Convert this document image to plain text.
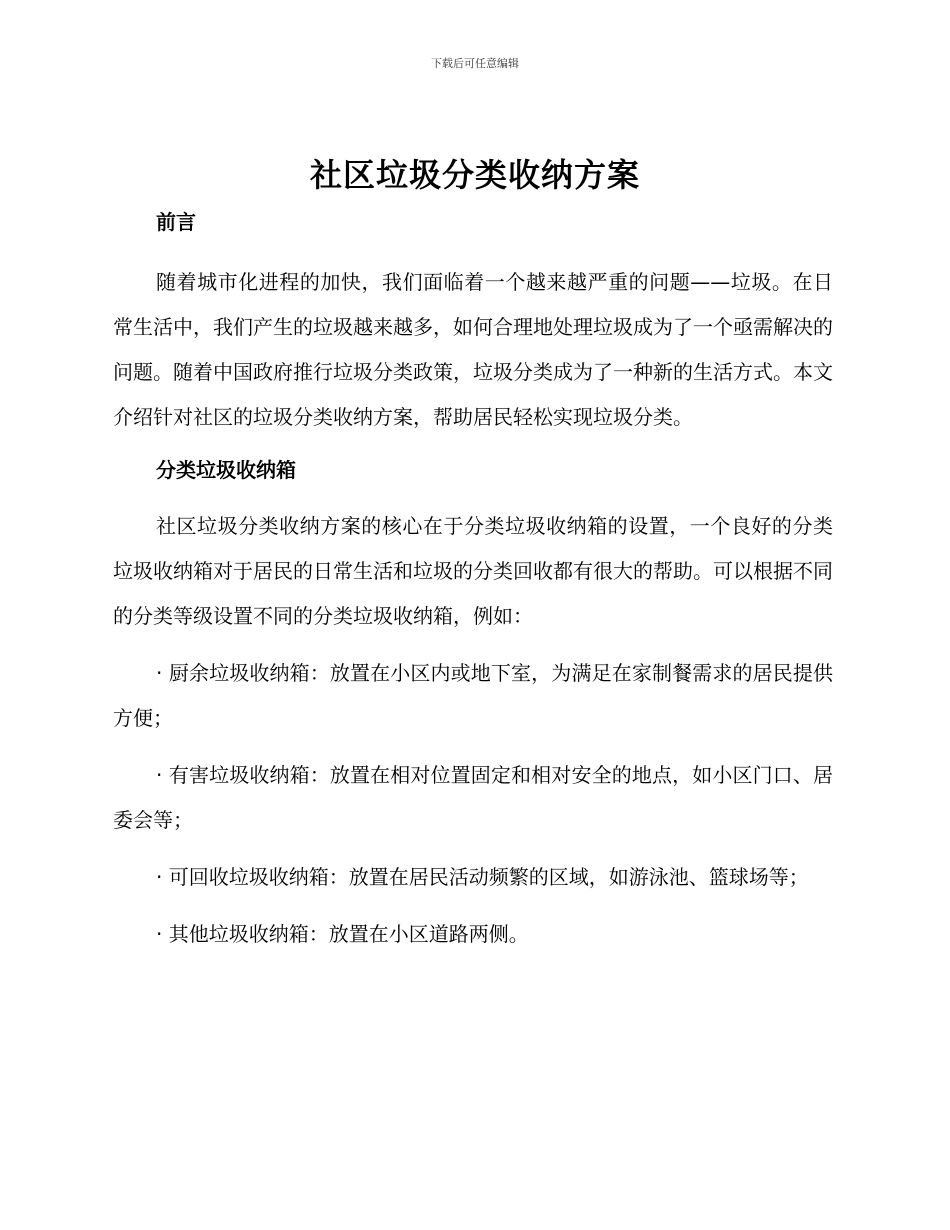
下载后可任意编辑
社区垃圾分类收纳方案

前言

随着城市化进程的加快，我们面临着一个越来越严重的问题——垃圾。在日常生活中，我们产生的垃圾越来越多，如何合理地处理垃圾成为了一个亟需解决的问题。随着中国政府推行垃圾分类政策，垃圾分类成为了一种新的生活方式。本文介绍针对社区的垃圾分类收纳方案，帮助居民轻松实现垃圾分类。

分类垃圾收纳箱

社区垃圾分类收纳方案的核心在于分类垃圾收纳箱的设置，一个良好的分类垃圾收纳箱对于居民的日常生活和垃圾的分类回收都有很大的帮助。可以根据不同的分类等级设置不同的分类垃圾收纳箱，例如：

· 厨余垃圾收纳箱：放置在小区内或地下室，为满足在家制餐需求的居民提供方便；

· 有害垃圾收纳箱：放置在相对位置固定和相对安全的地点，如小区门口、居委会等；

· 可回收垃圾收纳箱：放置在居民活动频繁的区域，如游泳池、篮球场等；

· 其他垃圾收纳箱：放置在小区道路两侧。
